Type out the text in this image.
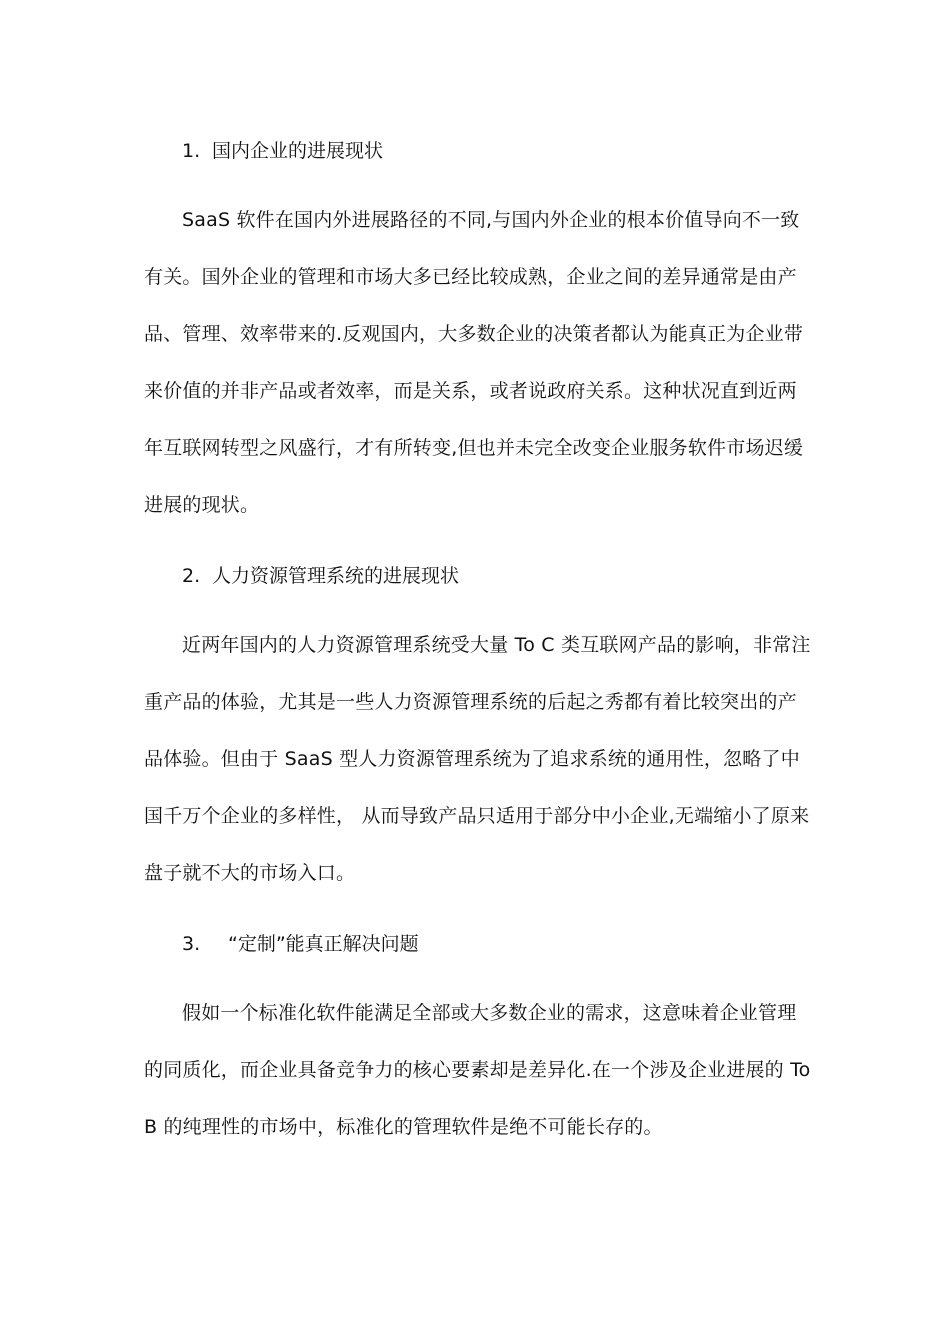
1. 国内企业的进展现状
SaaS 软件在国内外进展路径的不同,与国内外企业的根本价值导向不一致
有关。国外企业的管理和市场大多已经比较成熟，企业之间的差异通常是由产
品、管理、效率带来的.反观国内，大多数企业的决策者都认为能真正为企业带
来价值的并非产品或者效率，而是关系，或者说政府关系。这种状况直到近两
年互联网转型之风盛行，才有所转变,但也并未完全改变企业服务软件市场迟缓
进展的现状。
2. 人力资源管理系统的进展现状
近两年国内的人力资源管理系统受大量 To C 类互联网产品的影响，非常注
重产品的体验，尤其是一些人力资源管理系统的后起之秀都有着比较突出的产
品体验。但由于 SaaS 型人力资源管理系统为了追求系统的通用性，忽略了中
国千万个企业的多样性， 从而导致产品只适用于部分中小企业,无端缩小了原来
盘子就不大的市场入口。
3. “定制”能真正解决问题
假如一个标准化软件能满足全部或大多数企业的需求，这意味着企业管理
的同质化，而企业具备竞争力的核心要素却是差异化.在一个涉及企业进展的 To
B 的纯理性的市场中，标准化的管理软件是绝不可能长存的。
